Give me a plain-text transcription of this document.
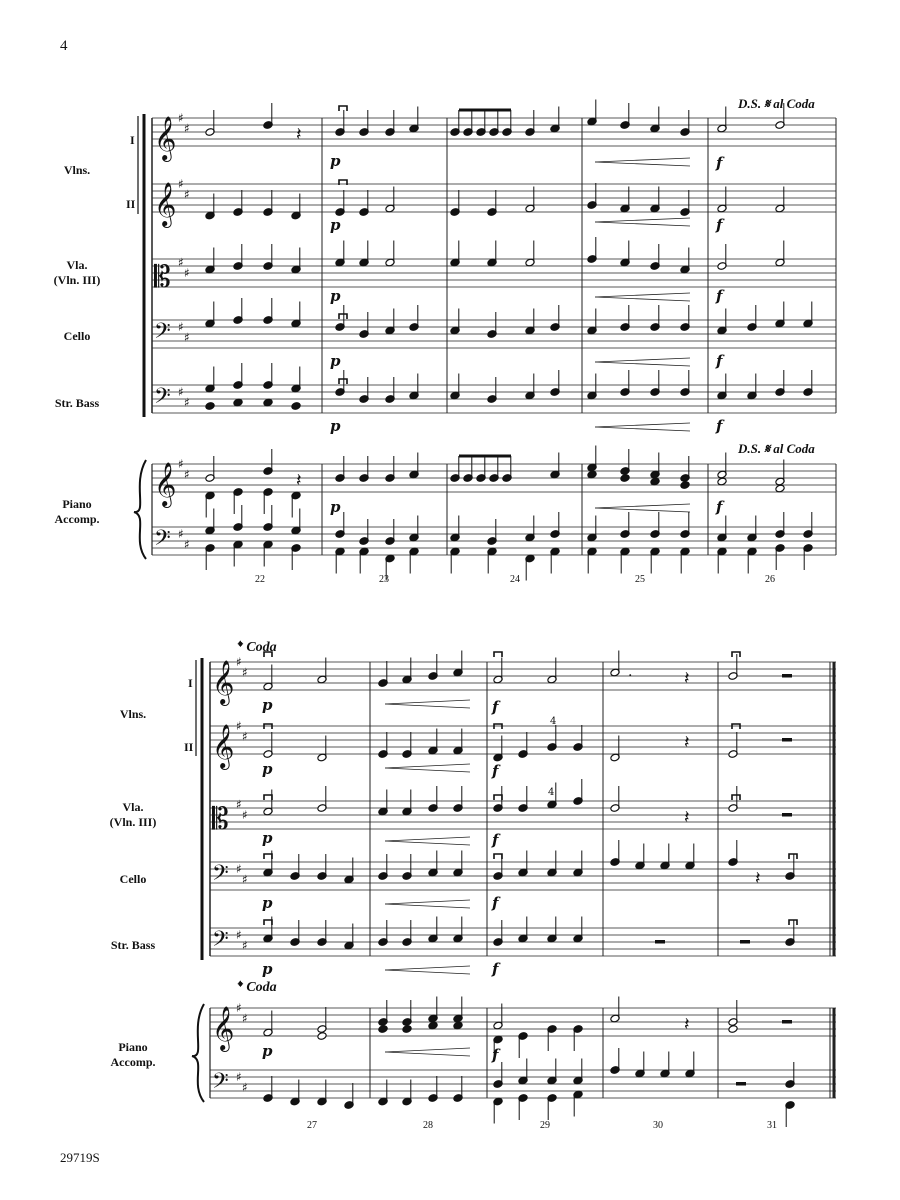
4
D.S. 𝄋 al Coda
D.S. 𝄋 al Coda
Vlns.
I
II
Vla.
(Vln. III)
Cello
Str. Bass
Piano
Accomp.
22	23	24	25	26
Vlns.
I
II
Vla.
(Vln. III)
Cello
Str. Bass
Piano
Accomp.
𝄌 Coda
𝄌 Coda
27	28	29	30	31
29719S
𝄞 ♯
♯
𝄞 ♯
♯
𝄡 ♯
♯
𝄢 ♯
♯
𝄢 ♯
♯
𝄞 ♯
♯
𝄢 ♯
♯
𝄽
p	f
p	f
p	f
p	f
p	f
𝄽
p	f
𝄞 ♯
♯
𝄞 ♯
♯
𝄡 ♯
♯
𝄢 ♯
♯
𝄢 ♯
♯
𝄞 ♯
♯
𝄢 ♯
♯
.	𝄽
p	f
4
𝄽
p	f
4
𝄽
p	f
𝄽
p	f
p	f
𝄽
p	f
